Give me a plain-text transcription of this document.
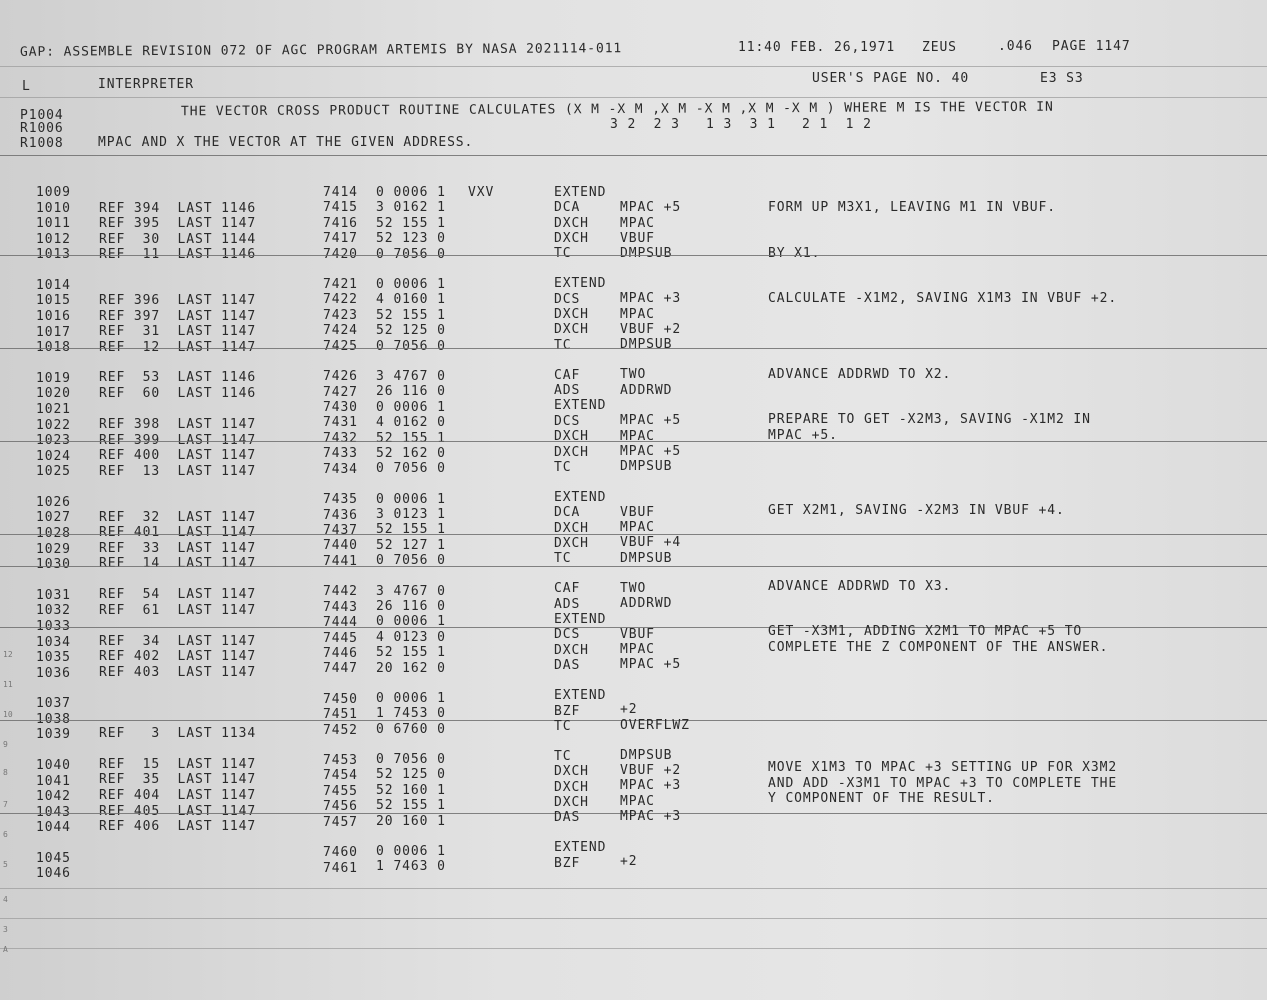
GAP: ASSEMBLE REVISION 072 OF AGC PROGRAM ARTEMIS BY NASA 2021114-011	11:40 FEB. 26,1971 ZEUS	.046 PAGE 1147
L	INTERPRETER	USER'S PAGE NO. 40	E3 S3
P1004
R1006
R1008
THE VECTOR CROSS PRODUCT ROUTINE CALCULATES (X M -X M ,X M -X M ,X M -X M ) WHERE M IS THE VECTOR IN
3 2  2 3   1 3  3 1   2 1  1 2
MPAC AND X THE VECTOR AT THE GIVEN ADDRESS.
1009	7414 0 0006 1 VXV	EXTEND
1010 REF 394  LAST 1146	7415 3 0162 1	DCA	MPAC +5	FORM UP M3X1, LEAVING M1 IN VBUF.
1011 REF 395  LAST 1147	7416 52 155 1	DXCH MPAC
1012 REF  30  LAST 1144	7417 52 123 0	DXCH VBUF
1013 REF  11  LAST 1146	7420 0 7056 0	TC	DMPSUB	BY X1.
1014	7421 0 0006 1	EXTEND
1015 REF 396  LAST 1147	7422 4 0160 1	DCS	MPAC +3	CALCULATE -X1M2, SAVING X1M3 IN VBUF +2.
1016 REF 397  LAST 1147	7423 52 155 1	DXCH MPAC
1017 REF  31  LAST 1147	7424 52 125 0	DXCH VBUF +2
1018 REF  12  LAST 1147	7425 0 7056 0	TC	DMPSUB
1019 REF  53  LAST 1146	7426 3 4767 0	CAF	TWO	ADVANCE ADDRWD TO X2.
1020 REF  60  LAST 1146	7427 26 116 0	ADS	ADDRWD
1021	7430 0 0006 1	EXTEND
1022 REF 398  LAST 1147	7431 4 0162 0	DCS	MPAC +5	PREPARE TO GET -X2M3, SAVING -X1M2 IN
1023 REF 399  LAST 1147	7432 52 155 1	DXCH MPAC	MPAC +5.
1024 REF 400  LAST 1147	7433 52 162 0	DXCH MPAC +5
1025 REF  13  LAST 1147	7434 0 7056 0	TC	DMPSUB
1026	7435 0 0006 1	EXTEND
1027 REF  32  LAST 1147	7436 3 0123 1	DCA	VBUF	GET X2M1, SAVING -X2M3 IN VBUF +4.
1028 REF 401  LAST 1147	7437 52 155 1	DXCH MPAC
1029 REF  33  LAST 1147	7440 52 127 1	DXCH VBUF +4
1030 REF  14  LAST 1147	7441 0 7056 0	TC	DMPSUB
1031 REF  54  LAST 1147	7442 3 4767 0	CAF	TWO	ADVANCE ADDRWD TO X3.
1032 REF  61  LAST 1147	7443 26 116 0	ADS	ADDRWD
1033	7444 0 0006 1	EXTEND
1034 REF  34  LAST 1147	7445 4 0123 0	DCS	VBUF	GET -X3M1, ADDING X2M1 TO MPAC +5 TO
1035 REF 402  LAST 1147	7446 52 155 1	DXCH MPAC	COMPLETE THE Z COMPONENT OF THE ANSWER.
1036 REF 403  LAST 1147	7447 20 162 0	DAS	MPAC +5
1037	7450 0 0006 1	EXTEND
1038	7451 1 7453 0	BZF	+2
1039 REF   3  LAST 1134	7452 0 6760 0	TC	OVERFLWZ
1040 REF  15  LAST 1147	7453 0 7056 0	TC	DMPSUB
1041 REF  35  LAST 1147	7454 52 125 0	DXCH VBUF +2	MOVE X1M3 TO MPAC +3 SETTING UP FOR X3M2
1042 REF 404  LAST 1147	7455 52 160 1	DXCH MPAC +3	AND ADD -X3M1 TO MPAC +3 TO COMPLETE THE
1043 REF 405  LAST 1147	7456 52 155 1	DXCH MPAC	Y COMPONENT OF THE RESULT.
1044 REF 406  LAST 1147	7457 20 160 1	DAS	MPAC +3
1045	7460 0 0006 1	EXTEND
1046	7461 1 7463 0	BZF	+2
12
11
10
9
8
7
6
5
4
3
A
